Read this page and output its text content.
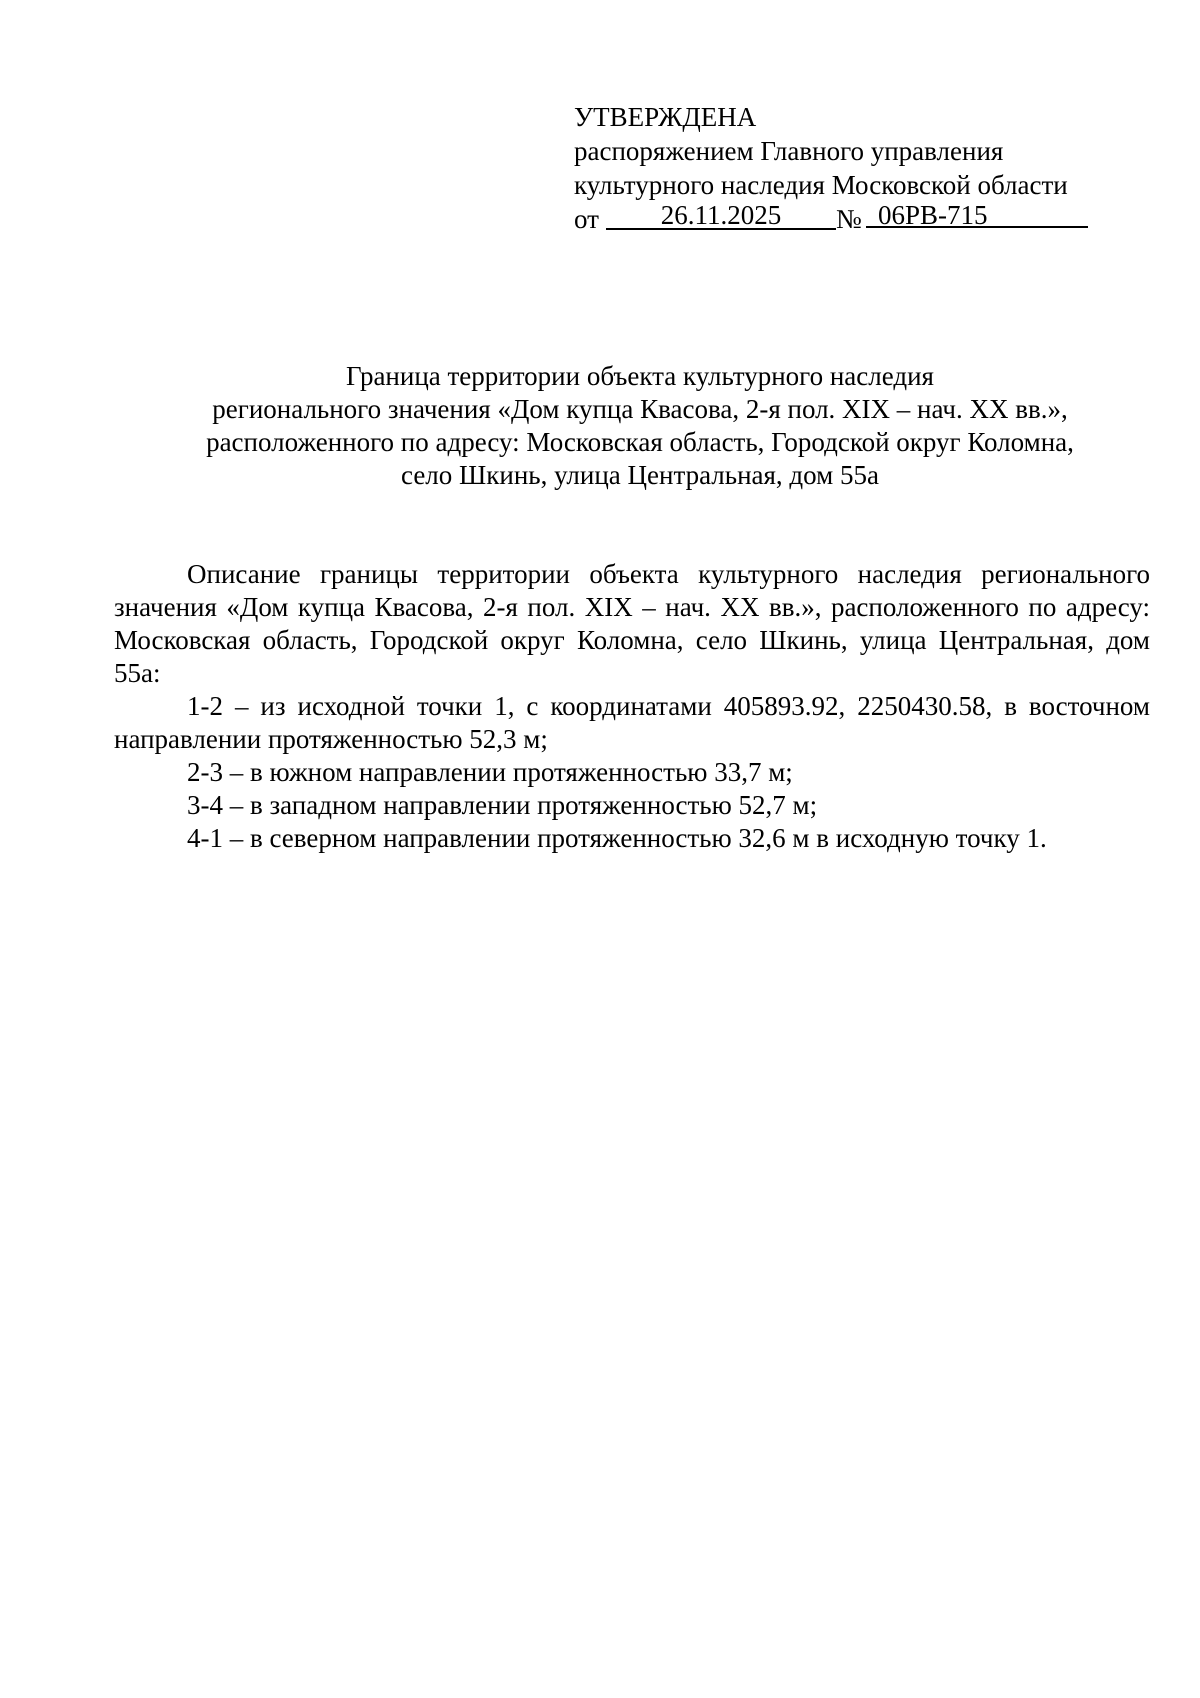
УТВЕРЖДЕНА
распоряжением Главного управления
культурного наследия Московской области
от	26.11.2025	№ 06РВ-715
Граница территории объекта культурного наследия
регионального значения «Дом купца Квасова, 2-я пол. XIX – нач. XX вв.»,
расположенного по адресу: Московская область, Городской округ Коломна,
село Шкинь, улица Центральная, дом 55а

Описание границы территории объекта культурного наследия регионального значения «Дом купца Квасова, 2-я пол. XIX – нач. XX вв.», расположенного по адресу: Московская область, Городской округ Коломна, село Шкинь, улица Центральная, дом 55а:

1-2 – из исходной точки 1, с координатами 405893.92, 2250430.58, в восточном направлении протяженностью 52,3 м;

2-3 – в южном направлении протяженностью 33,7 м;

3-4 – в западном направлении протяженностью 52,7 м;

4-1 – в северном направлении протяженностью 32,6 м в исходную точку 1.
